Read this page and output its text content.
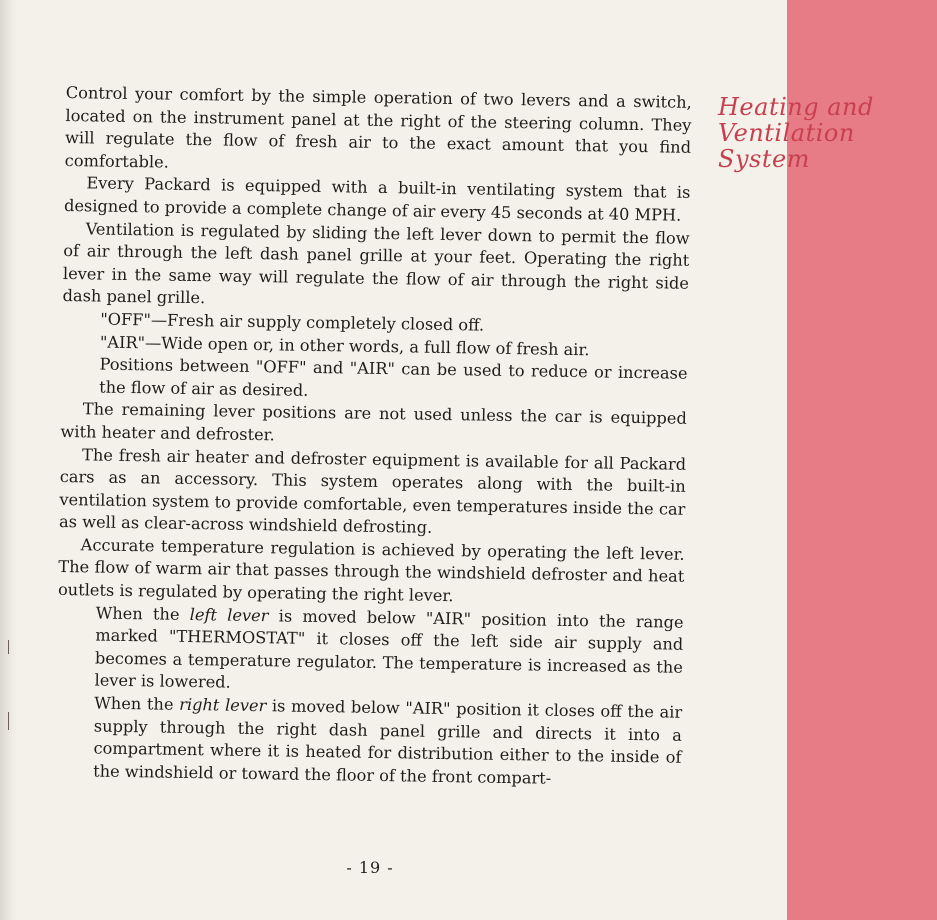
Heating and
Ventilation
System

Control your comfort by the simple operation of two levers and a switch, located on the instrument panel at the right of the steering column. They will regulate the flow of fresh air to the exact amount that you find comfortable.

Every Packard is equipped with a built-in ventilating system that is designed to provide a complete change of air every 45 seconds at 40 MPH.

Ventilation is regulated by sliding the left lever down to permit the flow of air through the left dash panel grille at your feet. Operating the right lever in the same way will regulate the flow of air through the right side dash panel grille.

"OFF"—Fresh air supply completely closed off.

"AIR"—Wide open or, in other words, a full flow of fresh air.

Positions between "OFF" and "AIR" can be used to reduce or increase the flow of air as desired.

The remaining lever positions are not used unless the car is equipped with heater and defroster.

The fresh air heater and defroster equipment is available for all Packard cars as an accessory. This system operates along with the built-in ventilation system to provide comfortable, even temperatures inside the car as well as clear-across windshield defrosting.

Accurate temperature regulation is achieved by operating the left lever. The flow of warm air that passes through the windshield defroster and heat outlets is regulated by operating the right lever.

When the left lever is moved below "AIR" position into the range marked "THERMOSTAT" it closes off the left side air supply and becomes a temperature regulator. The temperature is increased as the lever is lowered.

When the right lever is moved below "AIR" position it closes off the air supply through the right dash panel grille and directs it into a compartment where it is heated for distribution either to the inside of the windshield or toward the floor of the front compart-

- 19 -
